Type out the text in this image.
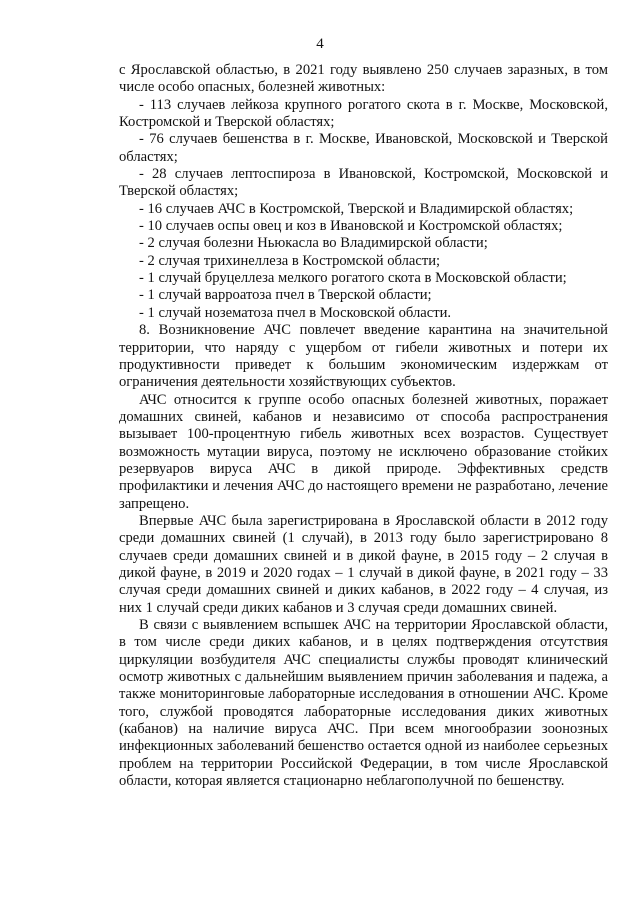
4

с Ярославской областью, в 2021 году выявлено 250 случаев заразных, в том числе особо опасных, болезней животных:

- 113 случаев лейкоза крупного рогатого скота в г. Москве, Московской, Костромской и Тверской областях;

- 76 случаев бешенства в г. Москве, Ивановской, Московской и Тверской областях;

- 28 случаев лептоспироза в Ивановской, Костромской, Московской и Тверской областях;

- 16 случаев АЧС в Костромской, Тверской и Владимирской областях;

- 10 случаев оспы овец и коз в Ивановской и Костромской областях;

- 2 случая болезни Ньюкасла во Владимирской области;

- 2 случая трихинеллеза в Костромской области;

- 1 случай бруцеллеза мелкого рогатого скота в Московской области;

- 1 случай варроатоза пчел в Тверской области;

- 1 случай нозематоза пчел в Московской области.

8. Возникновение АЧС повлечет введение карантина на значительной территории, что наряду с ущербом от гибели животных и потери их продуктивности приведет к большим экономическим издержкам от ограничения деятельности хозяйствующих субъектов.

АЧС относится к группе особо опасных болезней животных, поражает домашних свиней, кабанов и независимо от способа распространения вызывает 100-процентную гибель животных всех возрастов. Существует возможность мутации вируса, поэтому не исключено образование стойких резервуаров вируса АЧС в дикой природе. Эффективных средств профилактики и лечения АЧС до настоящего времени не разработано, лечение запрещено.

Впервые АЧС была зарегистрирована в Ярославской области в 2012 году среди домашних свиней (1 случай), в 2013 году было зарегистрировано 8 случаев среди домашних свиней и в дикой фауне, в 2015 году – 2 случая в дикой фауне, в 2019 и 2020 годах – 1 случай в дикой фауне, в 2021 году – 33 случая среди домашних свиней и диких кабанов, в 2022 году – 4 случая, из них 1 случай среди диких кабанов и 3 случая среди домашних свиней.

В связи с выявлением вспышек АЧС на территории Ярославской области, в том числе среди диких кабанов, и в целях подтверждения отсутствия циркуляции возбудителя АЧС специалисты службы проводят клинический осмотр животных с дальнейшим выявлением причин заболевания и падежа, а также мониторинговые лабораторные исследования в отношении АЧС. Кроме того, службой проводятся лабораторные исследования диких животных (кабанов) на наличие вируса АЧС. При всем многообразии зоонозных инфекционных заболеваний бешенство остается одной из наиболее серьезных проблем на территории Российской Федерации, в том числе Ярославской области, которая является стационарно неблагополучной по бешенству.
